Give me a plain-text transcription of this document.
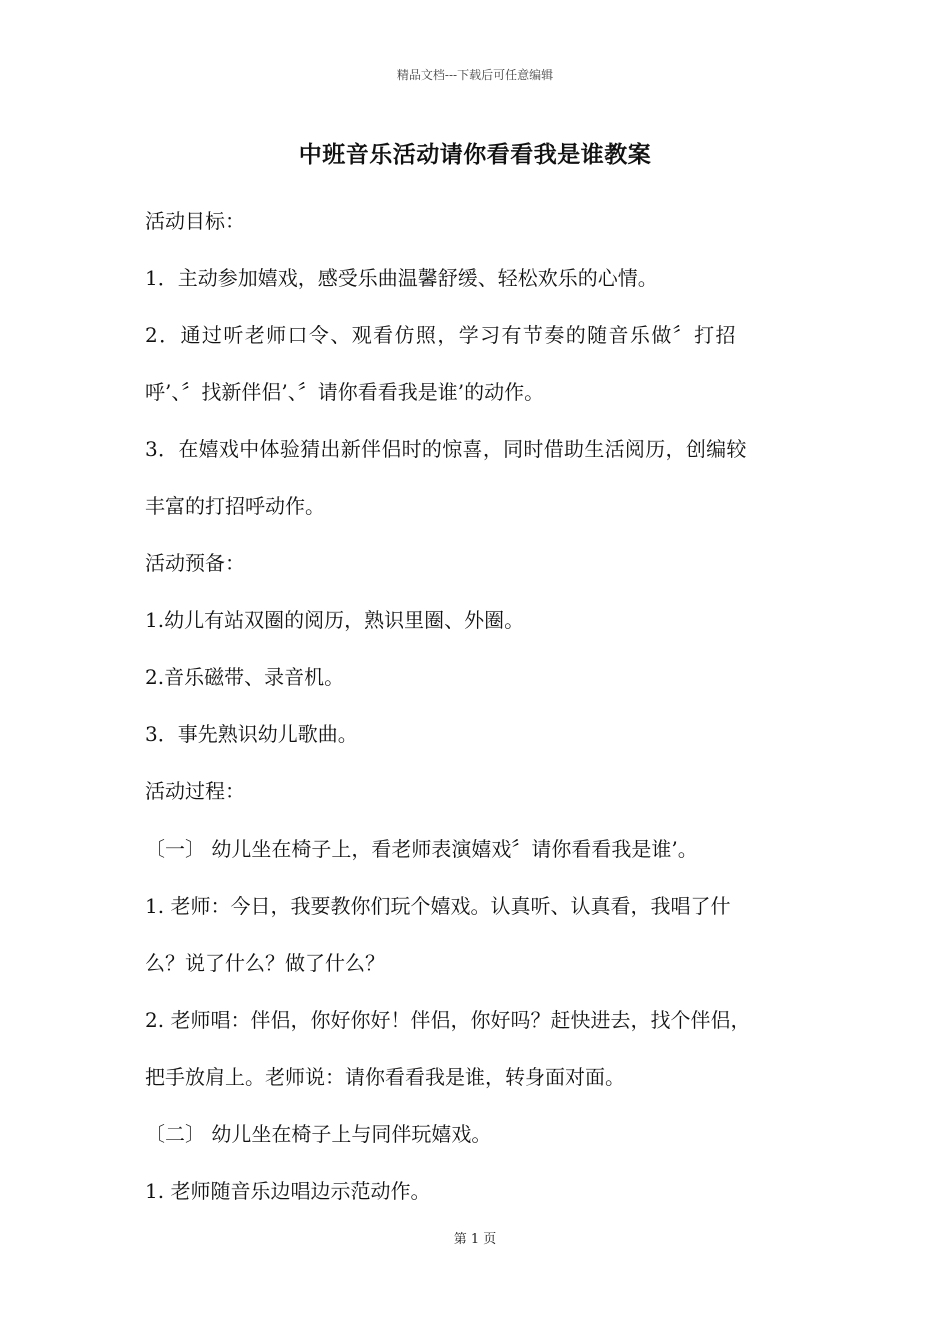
精品文档---下载后可任意编辑
中班音乐活动请你看看我是谁教案
活动目标：
1．主动参加嬉戏，感受乐曲温馨舒缓、轻松欢乐的心情。
2．通过听老师口令、观看仿照，学习有节奏的随音乐做〞打招
呼’、〞找新伴侣’、〞请你看看我是谁’的动作。
3．在嬉戏中体验猜出新伴侣时的惊喜，同时借助生活阅历，创编较
丰富的打招呼动作。
活动预备：
1.幼儿有站双圈的阅历，熟识里圈、外圈。
2.音乐磁带、录音机。
3．事先熟识幼儿歌曲。
活动过程：
〔一〕 幼儿坐在椅子上，看老师表演嬉戏〞请你看看我是谁’。
1. 老师：今日，我要教你们玩个嬉戏。认真听、认真看，我唱了什
么？说了什么？做了什么？
2. 老师唱：伴侣，你好你好！伴侣，你好吗？赶快进去，找个伴侣，
把手放肩上。老师说：请你看看我是谁，转身面对面。
〔二〕 幼儿坐在椅子上与同伴玩嬉戏。
1. 老师随音乐边唱边示范动作。
第 1 页
